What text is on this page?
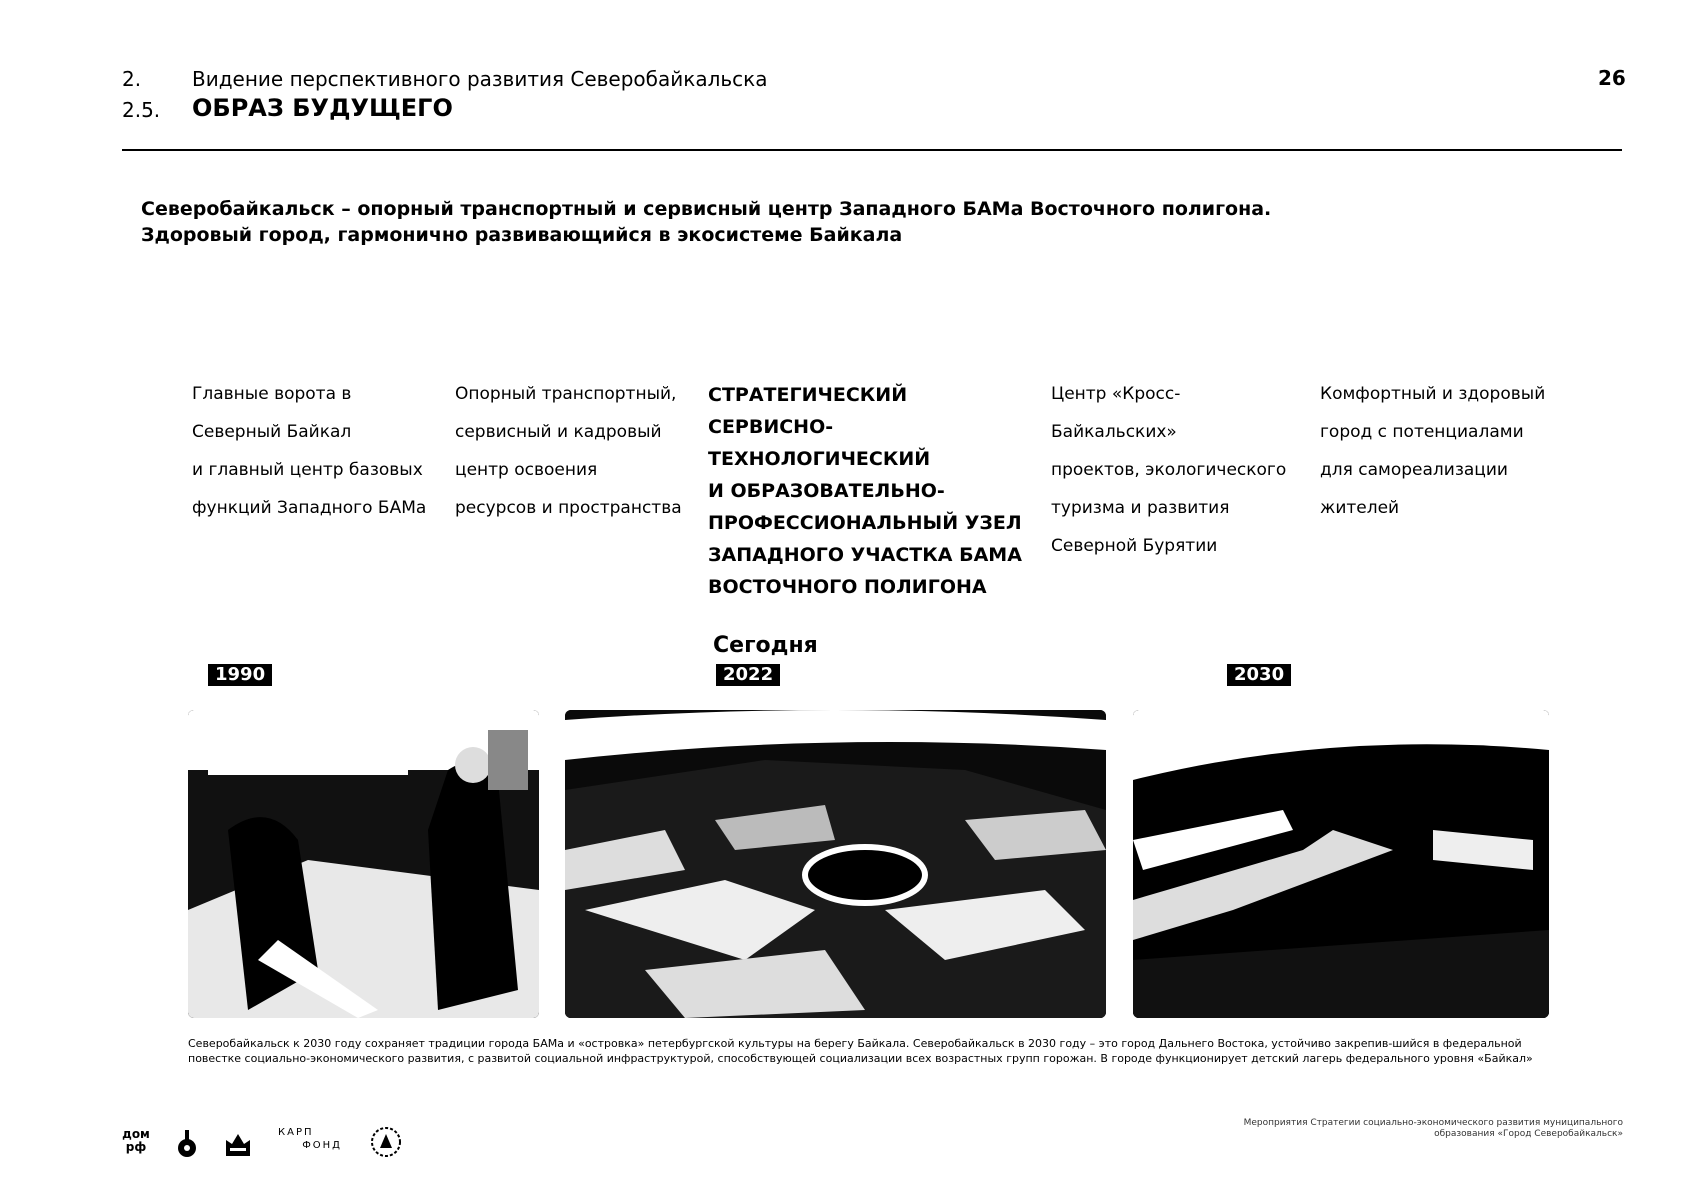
2.	Видение перспективного развития Северобайкальска
2.5. ОБРАЗ БУДУЩЕГО
26
Северобайкальск – опорный транспортный и сервисный центр Западного БАМа Восточного полигона.
Здоровый город, гармонично развивающийся в экосистеме Байкала
Главные ворота в
Северный Байкал
и главный центр базовых
функций Западного БАМа
Опорный транспортный,
сервисный и кадровый
центр освоения
ресурсов и пространства
СТРАТЕГИЧЕСКИЙ
СЕРВИСНО-ТЕХНОЛОГИЧЕСКИЙ
И ОБРАЗОВАТЕЛЬНО-
ПРОФЕССИОНАЛЬНЫЙ УЗЕЛ
ЗАПАДНОГО УЧАСТКА БАМА
ВОСТОЧНОГО ПОЛИГОНА
Центр «Кросс-Байкальских»
проектов, экологического
туризма и развития
Северной Бурятии
Комфортный и здоровый
город с потенциалами
для самореализации
жителей
Сегодня
1990	2022	2030
Северобайкальск к 2030 году сохраняет традиции города БАМа и «островка» петербургской культуры на берегу Байкала. Северобайкальск в 2030 году – это город Дальнего Востока, устойчиво закрепив-шийся в федеральной повестке социально-экономического развития, с развитой социальной инфраструктурой, способствующей социализации всех возрастных групп горожан. В городе функционирует детский лагерь федерального уровня «Байкал»
дом
рф
КАРП
ФОНД
Мероприятия Стратегии социально-экономического развития муниципального образования «Город Северобайкальск»
